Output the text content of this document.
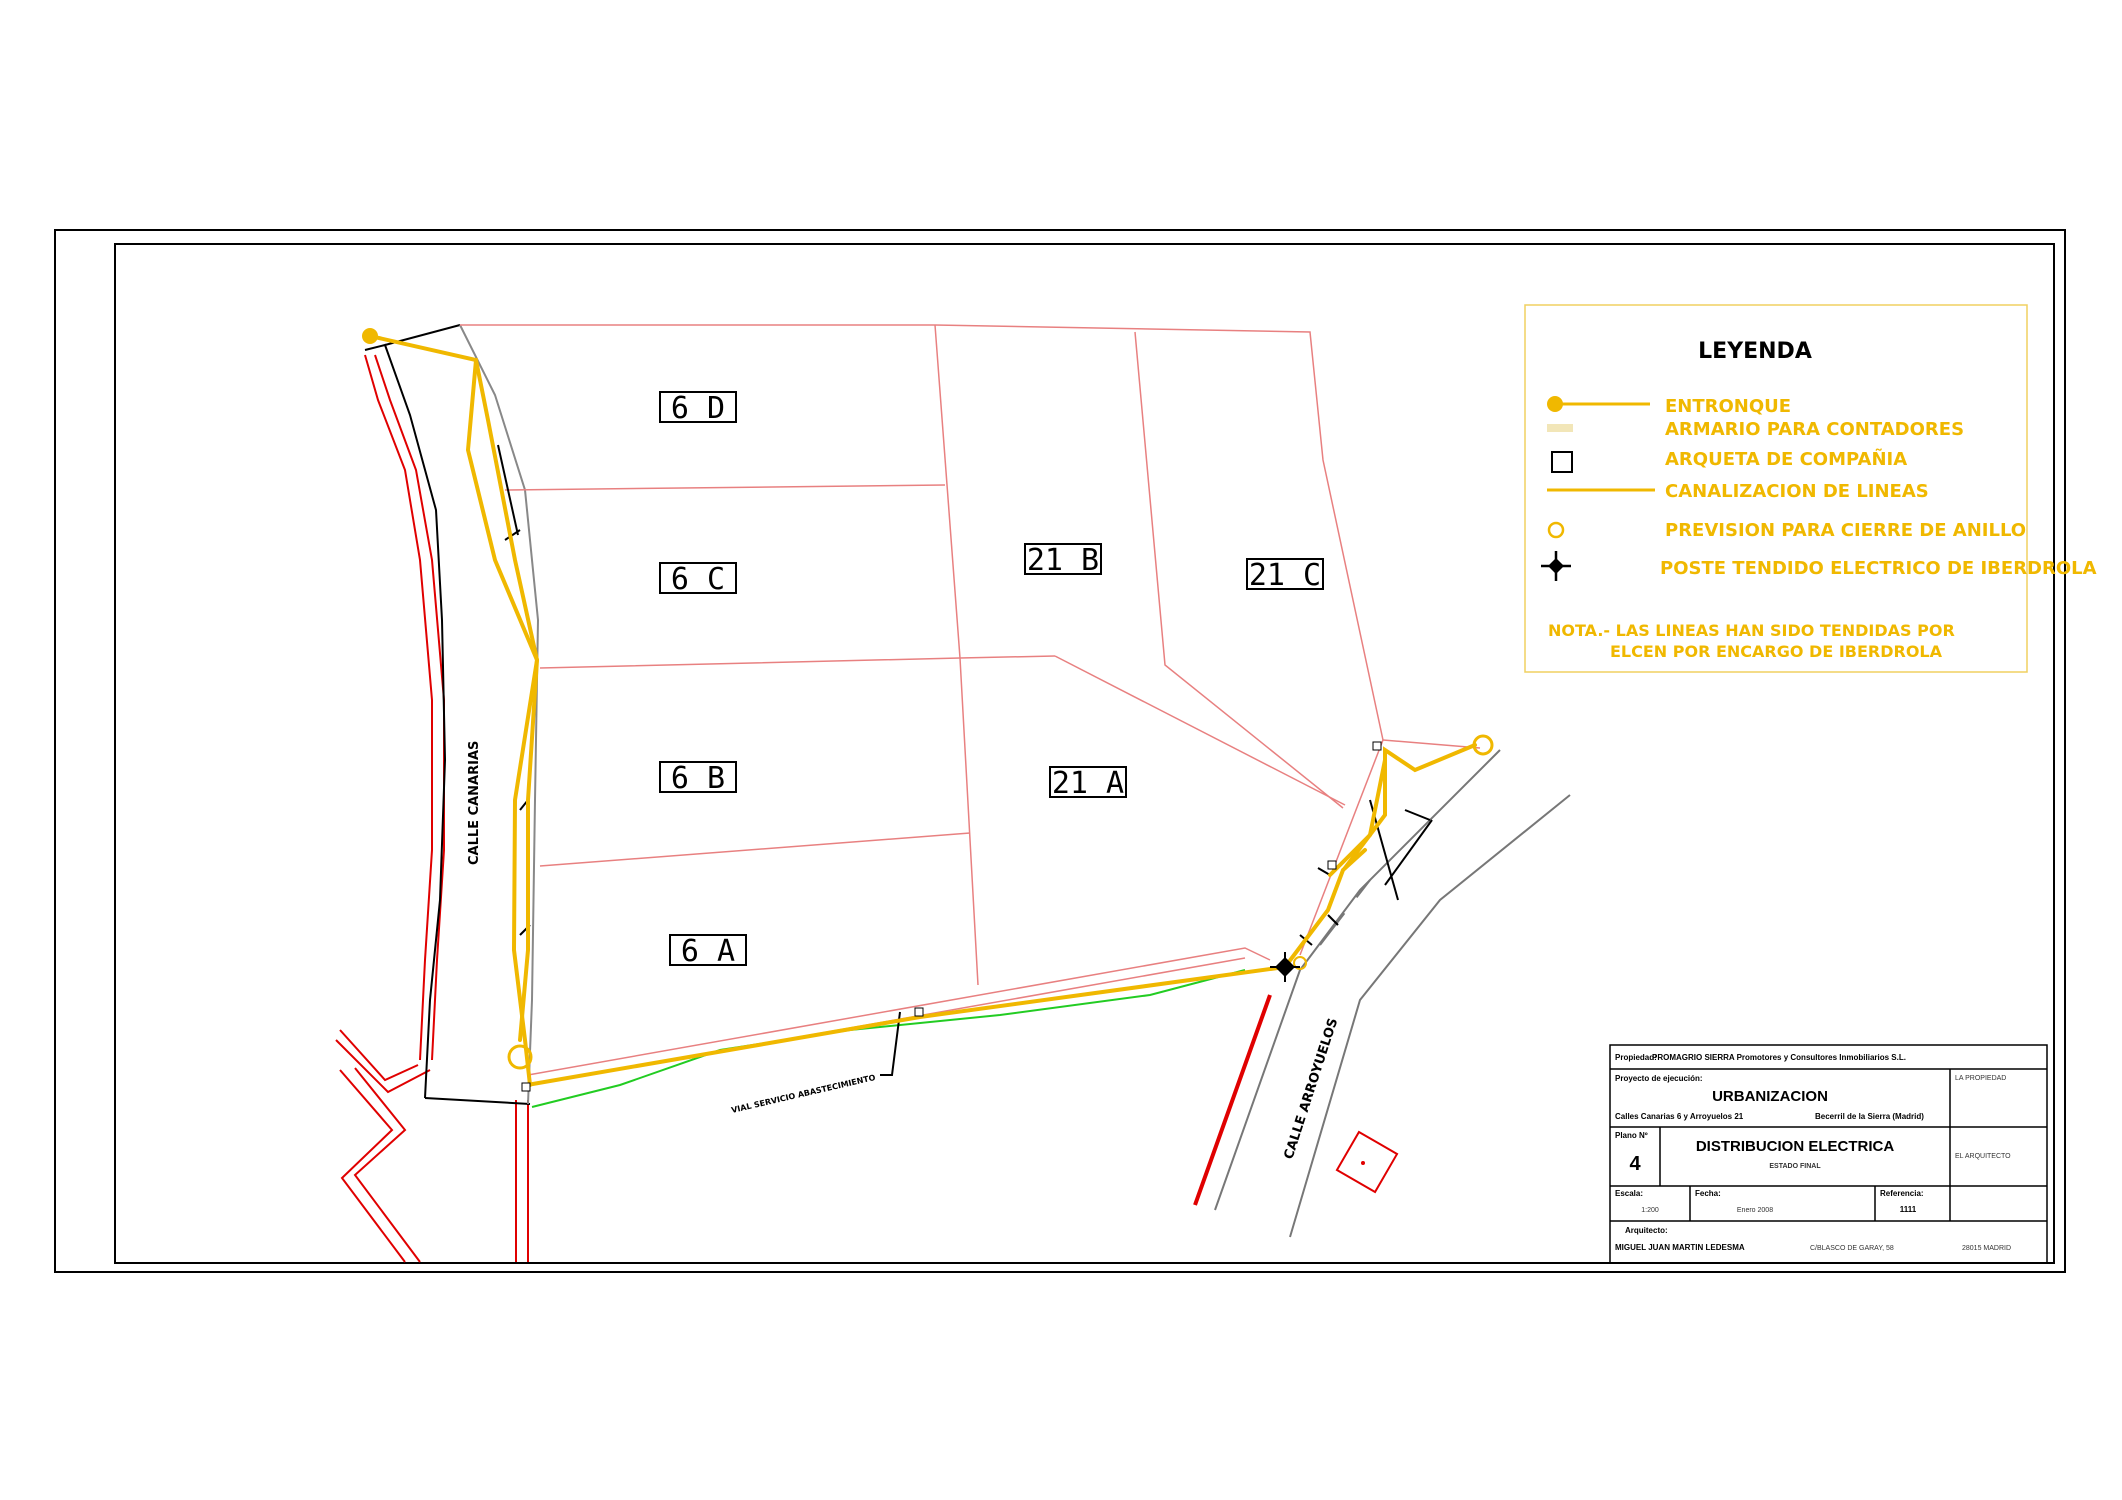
6 D
6 C
6 B
6 A
21 B	21 C
21 A
CALLE CANARIAS
CALLE ARROYUELOS
VIAL SERVICIO ABASTECIMIENTO
LEYENDA
ENTRONQUE
ARMARIO PARA CONTADORES
ARQUETA DE COMPAÑIA
CANALIZACION DE LINEAS
PREVISION PARA CIERRE DE ANILLO
POSTE TENDIDO ELECTRICO DE IBERDROLA
NOTA.- LAS LINEAS HAN SIDO TENDIDAS POR
ELCEN POR ENCARGO DE IBERDROLA
Propiedad:
PROMAGRIO SIERRA Promotores y Consultores Inmobiliarios S.L.
Proyecto de ejecución:
URBANIZACION
Calles Canarias 6 y Arroyuelos 21	Becerril de la Sierra (Madrid)
LA PROPIEDAD
Plano Nº
4
DISTRIBUCION ELECTRICA
ESTADO FINAL
EL ARQUITECTO
Escala:
1:200
Fecha:
Enero 2008
Referencia:
1111
Arquitecto:
MIGUEL JUAN MARTIN LEDESMA	C/BLASCO DE GARAY, 58	28015 MADRID
